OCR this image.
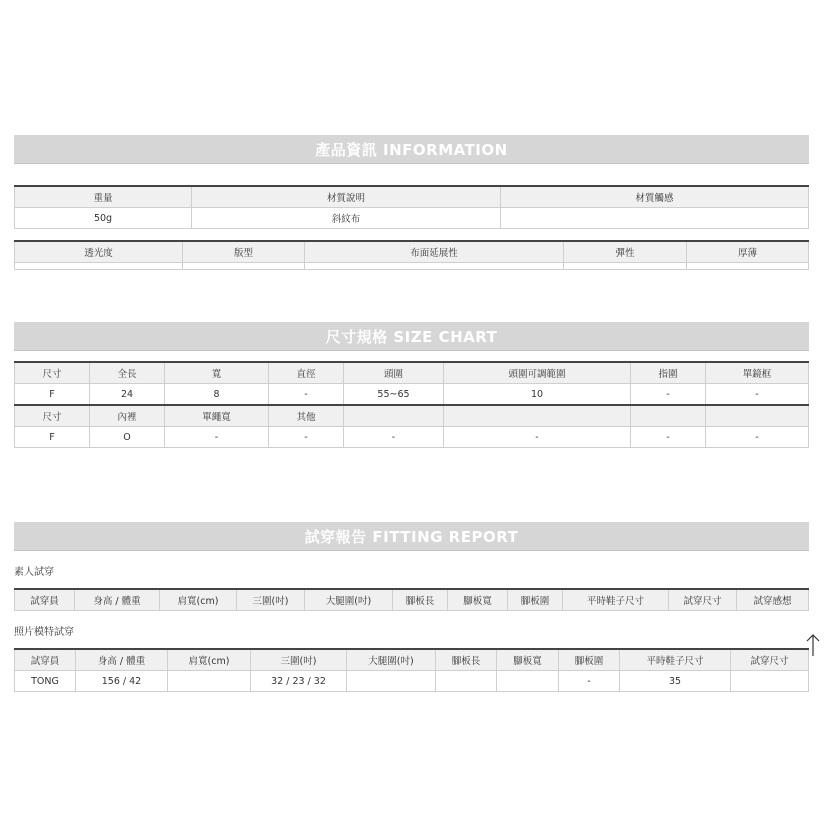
產品資訊 INFORMATION
重量	材質說明	材質觸感
50g	斜紋布	
透光度	版型	布面延展性	彈性	厚薄

尺寸規格 SIZE CHART
尺寸	全長	寬	直徑	頭圍	頭圍可調範圍	指圍	單鏡框
F	24	8	-	55~65	10	-	-
尺寸	內裡	單繩寬	其他				
F	O	-	-	-	-	-	-
試穿報告 FITTING REPORT
素人試穿
試穿員	身高 / 體重	肩寬(cm)	三圍(吋)	大腿圍(吋)	腳板長	腳板寬	腳板圍	平時鞋子尺寸	試穿尺寸	試穿感想
照片模特試穿
試穿員	身高 / 體重	肩寬(cm)	三圍(吋)	大腿圍(吋)	腳板長	腳板寬	腳板圍	平時鞋子尺寸	試穿尺寸
TONG	156 / 42		32 / 23 / 32				-	35	
